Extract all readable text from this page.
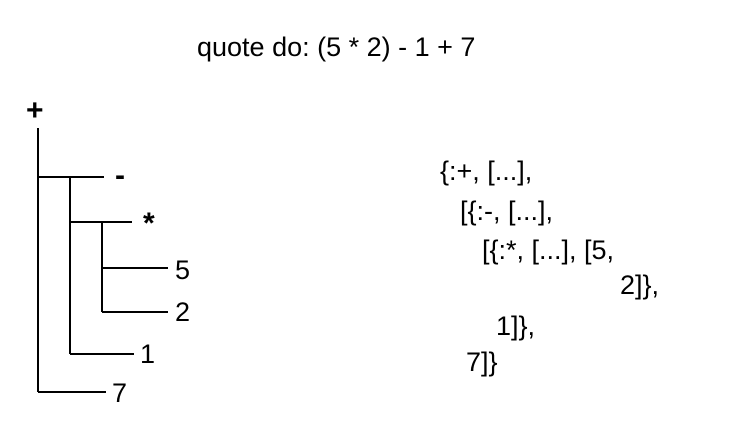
quote do: (5 * 2) - 1 + 7
+
-
*
5
2
1
7
{:+, [...],
[{:-, [...],
[{:*, [...], [5,
2]},
1]},
7]}
